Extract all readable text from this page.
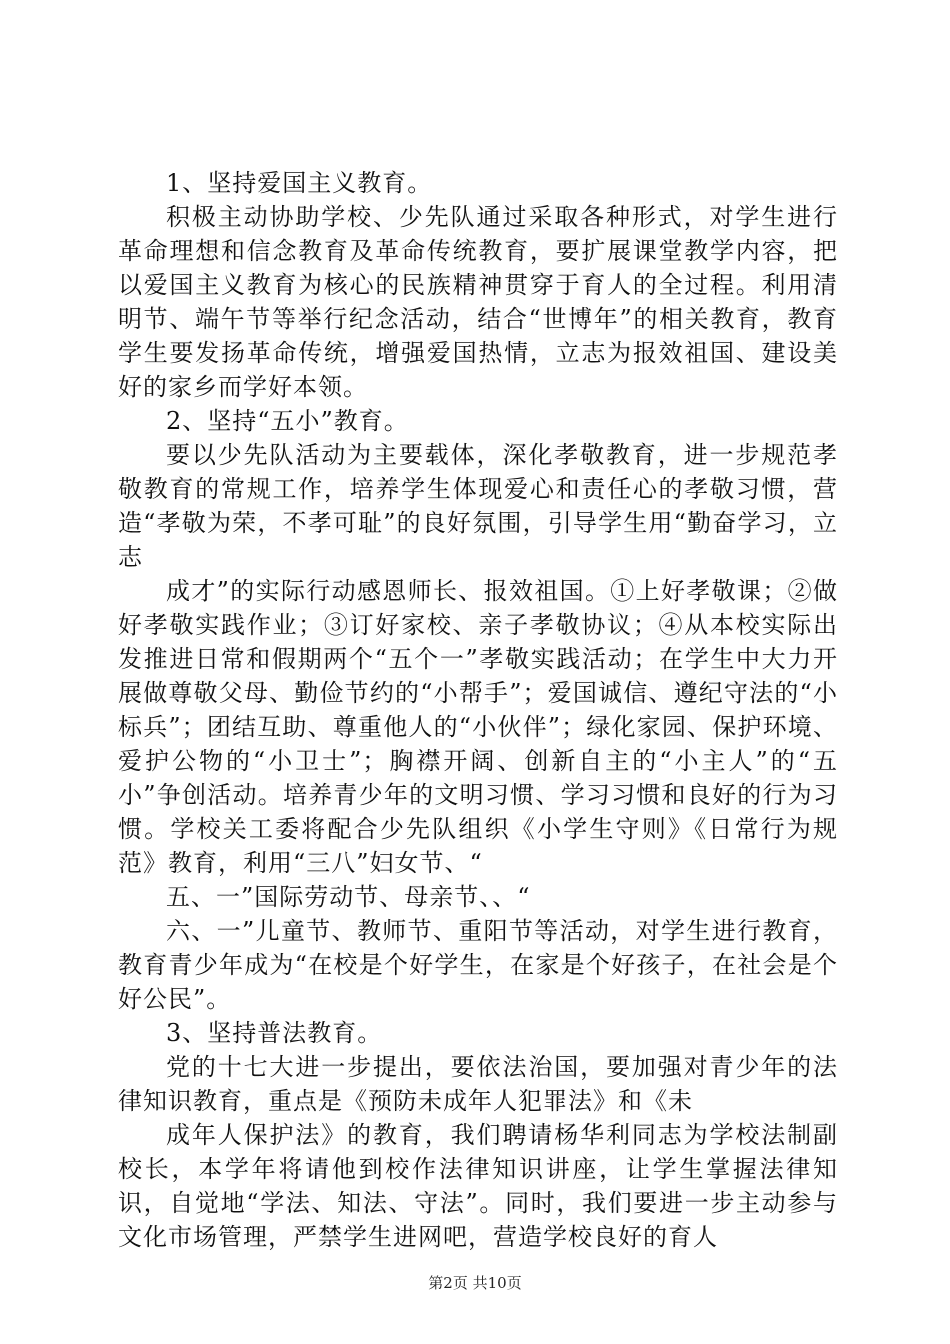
1、坚持爱国主义教育。

积极主动协助学校、少先队通过采取各种形式，对学生进行革命理想和信念教育及革命传统教育，要扩展课堂教学内容，把以爱国主义教育为核心的民族精神贯穿于育人的全过程。利用清明节、端午节等举行纪念活动，结合“世博年”的相关教育，教育学生要发扬革命传统，增强爱国热情，立志为报效祖国、建设美好的家乡而学好本领。

2、坚持“五小”教育。

要以少先队活动为主要载体，深化孝敬教育，进一步规范孝敬教育的常规工作，培养学生体现爱心和责任心的孝敬习惯，营造“孝敬为荣，不孝可耻”的良好氛围，引导学生用“勤奋学习，立志

成才”的实际行动感恩师长、报效祖国。①上好孝敬课；②做好孝敬实践作业；③订好家校、亲子孝敬协议；④从本校实际出发推进日常和假期两个“五个一”孝敬实践活动；在学生中大力开展做尊敬父母、勤俭节约的“小帮手”；爱国诚信、遵纪守法的“小标兵”；团结互助、尊重他人的“小伙伴”；绿化家园、保护环境、爱护公物的“小卫士”；胸襟开阔、创新自主的“小主人”的“五小”争创活动。培养青少年的文明习惯、学习习惯和良好的行为习惯。学校关工委将配合少先队组织《小学生守则》《日常行为规范》教育，利用“三八”妇女节、“

五、一”国际劳动节、母亲节、、“

六、一”儿童节、教师节、重阳节等活动，对学生进行教育，教育青少年成为“在校是个好学生，在家是个好孩子，在社会是个好公民”。

3、坚持普法教育。

党的十七大进一步提出，要依法治国，要加强对青少年的法律知识教育，重点是《预防未成年人犯罪法》和《未

成年人保护法》的教育，我们聘请杨华利同志为学校法制副校长，本学年将请他到校作法律知识讲座，让学生掌握法律知识，自觉地“学法、知法、守法”。同时，我们要进一步主动参与文化市场管理，严禁学生进网吧，营造学校良好的育人

第2页 共10页
